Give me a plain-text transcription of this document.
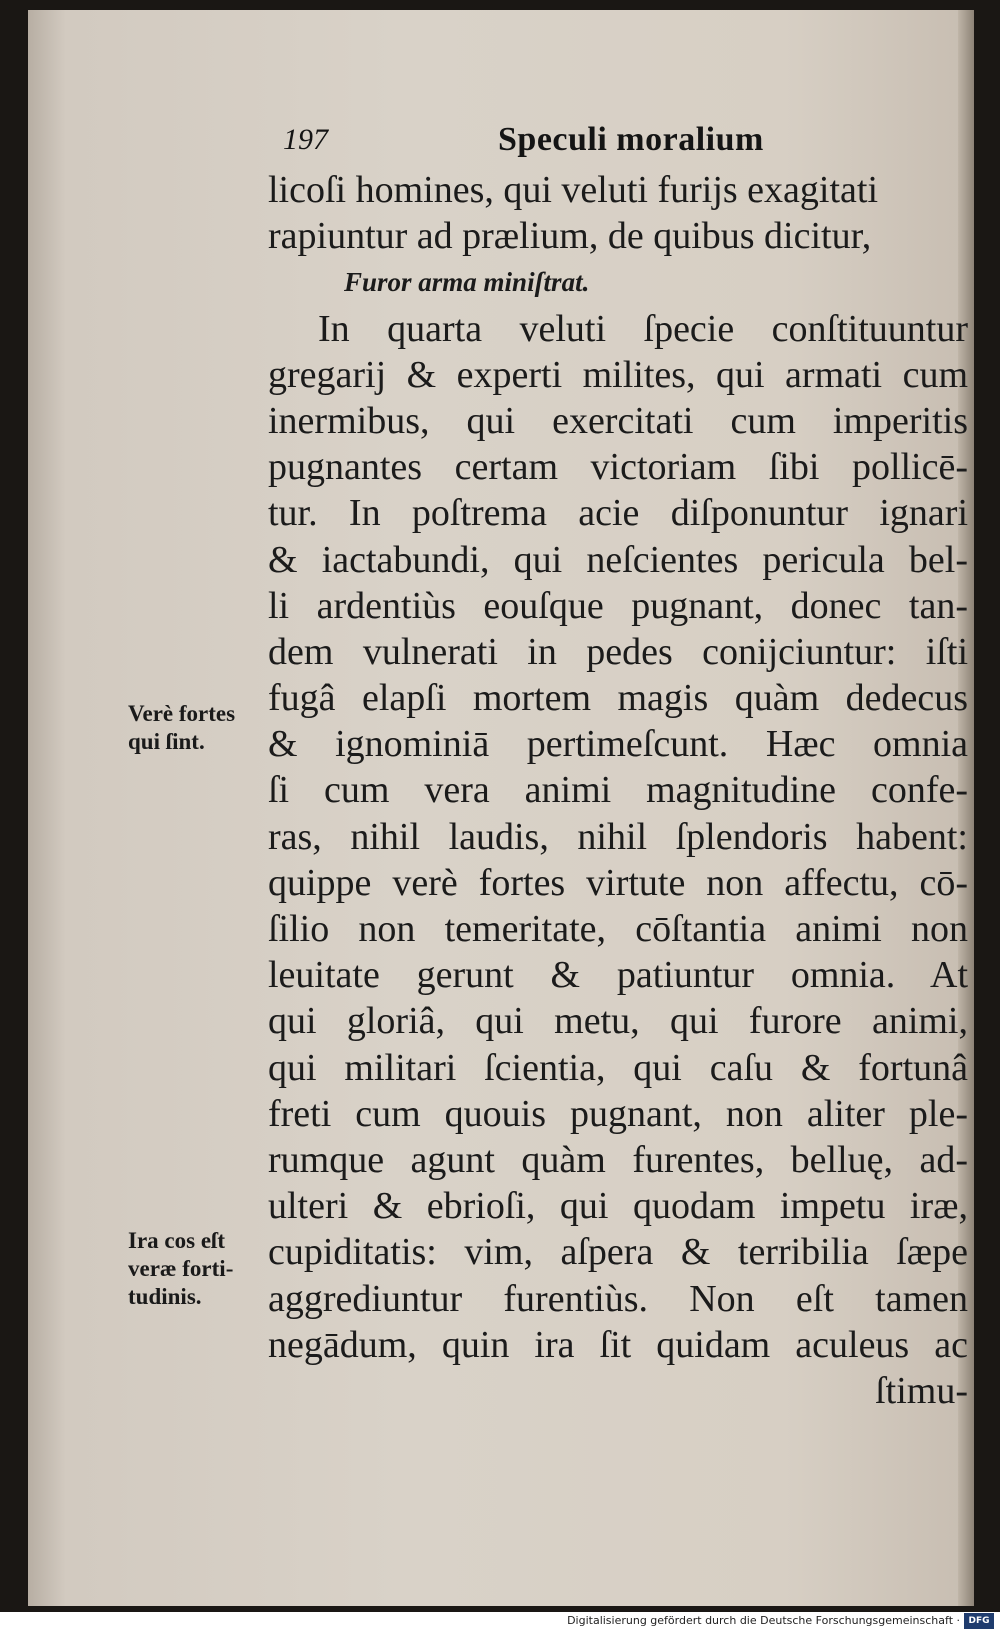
197	Speculi moralium
licoſi homines, qui veluti furijs exagitati
rapiuntur ad prælium, de quibus dicitur,
Furor arma miniſtrat.
In quarta veluti ſpecie conſtituuntur
gregarij & experti milites, qui armati cum
inermibus, qui exercitati cum imperitis
pugnantes certam victoriam ſibi pollicē-
tur. In poſtrema acie diſponuntur ignari
& iactabundi, qui neſcientes pericula bel-
li ardentiùs eouſque pugnant, donec tan-
dem vulnerati in pedes conijciuntur: iſti
fugâ elapſi mortem magis quàm dedecus
& ignominiā pertimeſcunt. Hæc omnia
ſi cum vera animi magnitudine confe-
ras, nihil laudis, nihil ſplendoris habent:
quippe verè fortes virtute non affectu, cō-
ſilio non temeritate, cōſtantia animi non
leuitate gerunt & patiuntur omnia. At
qui gloriâ, qui metu, qui furore animi,
qui militari ſcientia, qui caſu & fortunâ
freti cum quouis pugnant, non aliter ple-
rumque agunt quàm furentes, belluę, ad-
ulteri & ebrioſi, qui quodam impetu iræ,
cupiditatis: vim, aſpera & terribilia ſæpe
aggrediuntur furentiùs. Non eſt tamen
negādum, quin ira ſit quidam aculeus ac
ſtimu-
Verè fortes
qui ſint.
Ira cos eſt
veræ forti-
tudinis.
Digitalisierung gefördert durch die Deutsche Forschungsgemeinschaft · DFG
